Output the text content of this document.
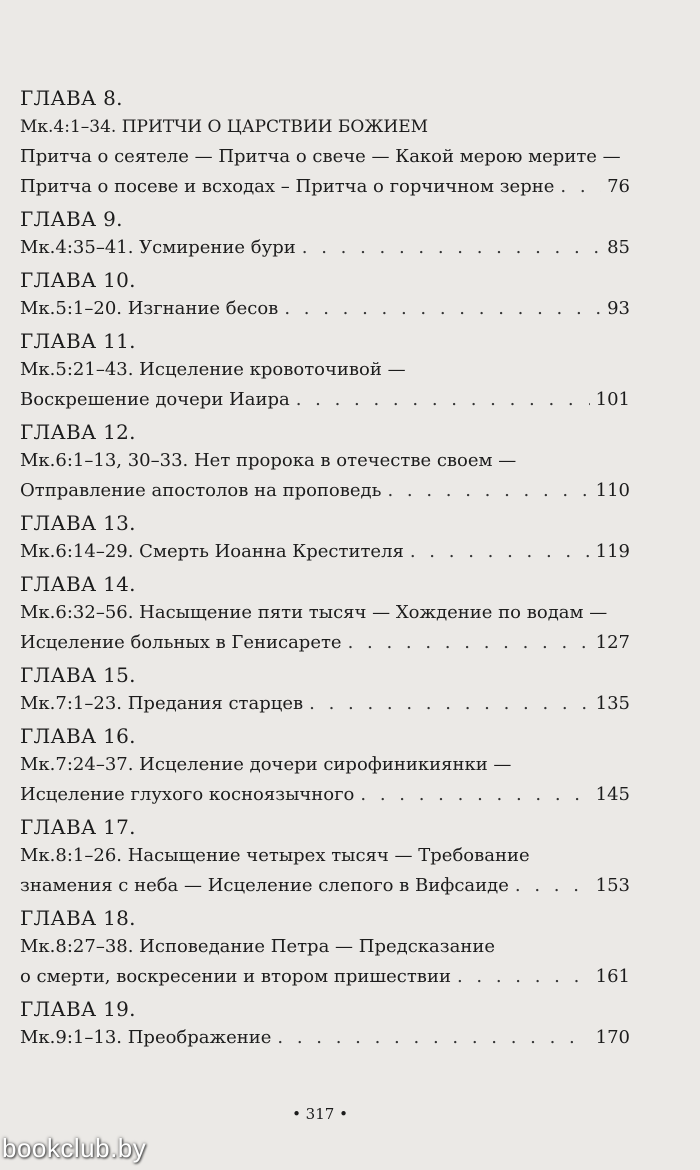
ГЛАВА 8.
Мк.4:1–34. ПРИТЧИ О ЦАРСТВИИ БОЖИЕМ
Притча о сеятеле — Притча о свече — Какой мерою мерите —
Притча о посеве и всходах – Притча о горчичном зерне . . .	76
ГЛАВА 9.
Мк.4:35–41. Усмирение бури . . .	85
ГЛАВА 10.
Мк.5:1–20. Изгнание бесов . . .	93
ГЛАВА 11.
Мк.5:21–43. Исцеление кровоточивой —
Воскрешение дочери Иаира . . .	101
ГЛАВА 12.
Мк.6:1–13, 30–33. Нет пророка в отечестве своем —
Отправление апостолов на проповедь . . .	110
ГЛАВА 13.
Мк.6:14–29. Смерть Иоанна Крестителя . . .	119
ГЛАВА 14.
Мк.6:32–56. Насыщение пяти тысяч — Хождение по водам —
Исцеление больных в Генисарете . . .	127
ГЛАВА 15.
Мк.7:1–23. Предания старцев . . .	135
ГЛАВА 16.
Мк.7:24–37. Исцеление дочери сирофиникиянки —
Исцеление глухого косноязычного . . .	145
ГЛАВА 17.
Мк.8:1–26. Насыщение четырех тысяч — Требование
знамения с неба — Исцеление слепого в Вифсаиде . . .	153
ГЛАВА 18.
Мк.8:27–38. Исповедание Петра — Предсказание
о смерти, воскресении и втором пришествии . . .	161
ГЛАВА 19.
Мк.9:1–13. Преображение . . .	170
• 317 •
bookclub.by
